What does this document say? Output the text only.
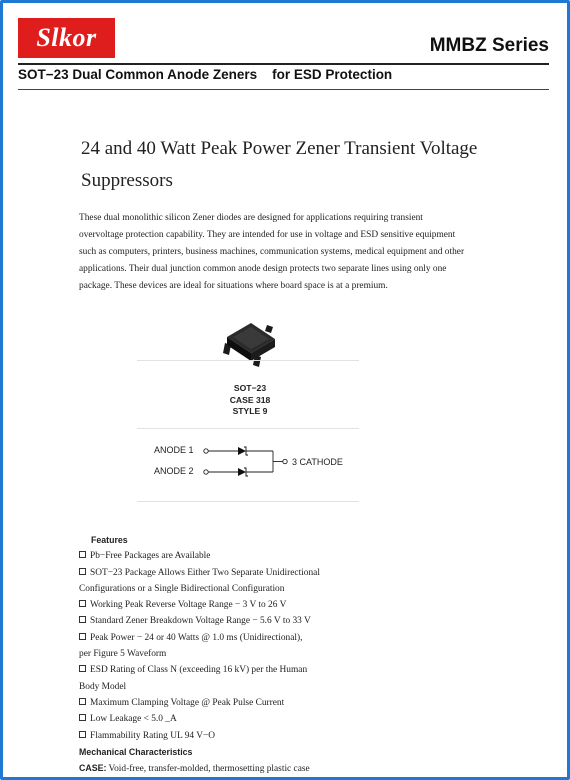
Slkor	MMBZ Series
SOT−23 Dual Common Anode Zeners    for ESD Protection
24 and 40 Watt Peak Power Zener Transient Voltage
Suppressors
These dual monolithic silicon Zener diodes are designed for applications requiring transient
overvoltage protection capability. They are intended for use in voltage and ESD sensitive equipment
such as computers, printers, business machines, communication systems, medical equipment and other
applications. Their dual junction common anode design protects two separate lines using only one
package. These devices are ideal for situations where board space is at a premium.
SOT−23
CASE 318
STYLE 9
ANODE 1
ANODE 2
3 CATHODE
Features
Pb−Free Packages are Available
SOT−23 Package Allows Either Two Separate Unidirectional
Configurations or a Single Bidirectional Configuration
Working Peak Reverse Voltage Range − 3 V to 26 V
Standard Zener Breakdown Voltage Range − 5.6 V to 33 V
Peak Power − 24 or 40 Watts @ 1.0 ms (Unidirectional),
per Figure 5 Waveform
ESD Rating of Class N (exceeding 16 kV) per the Human
Body Model
Maximum Clamping Voltage @ Peak Pulse Current
Low Leakage < 5.0 _A
Flammability Rating UL 94 V−O
Mechanical Characteristics
CASE: Void-free, transfer-molded, thermosetting plastic case
